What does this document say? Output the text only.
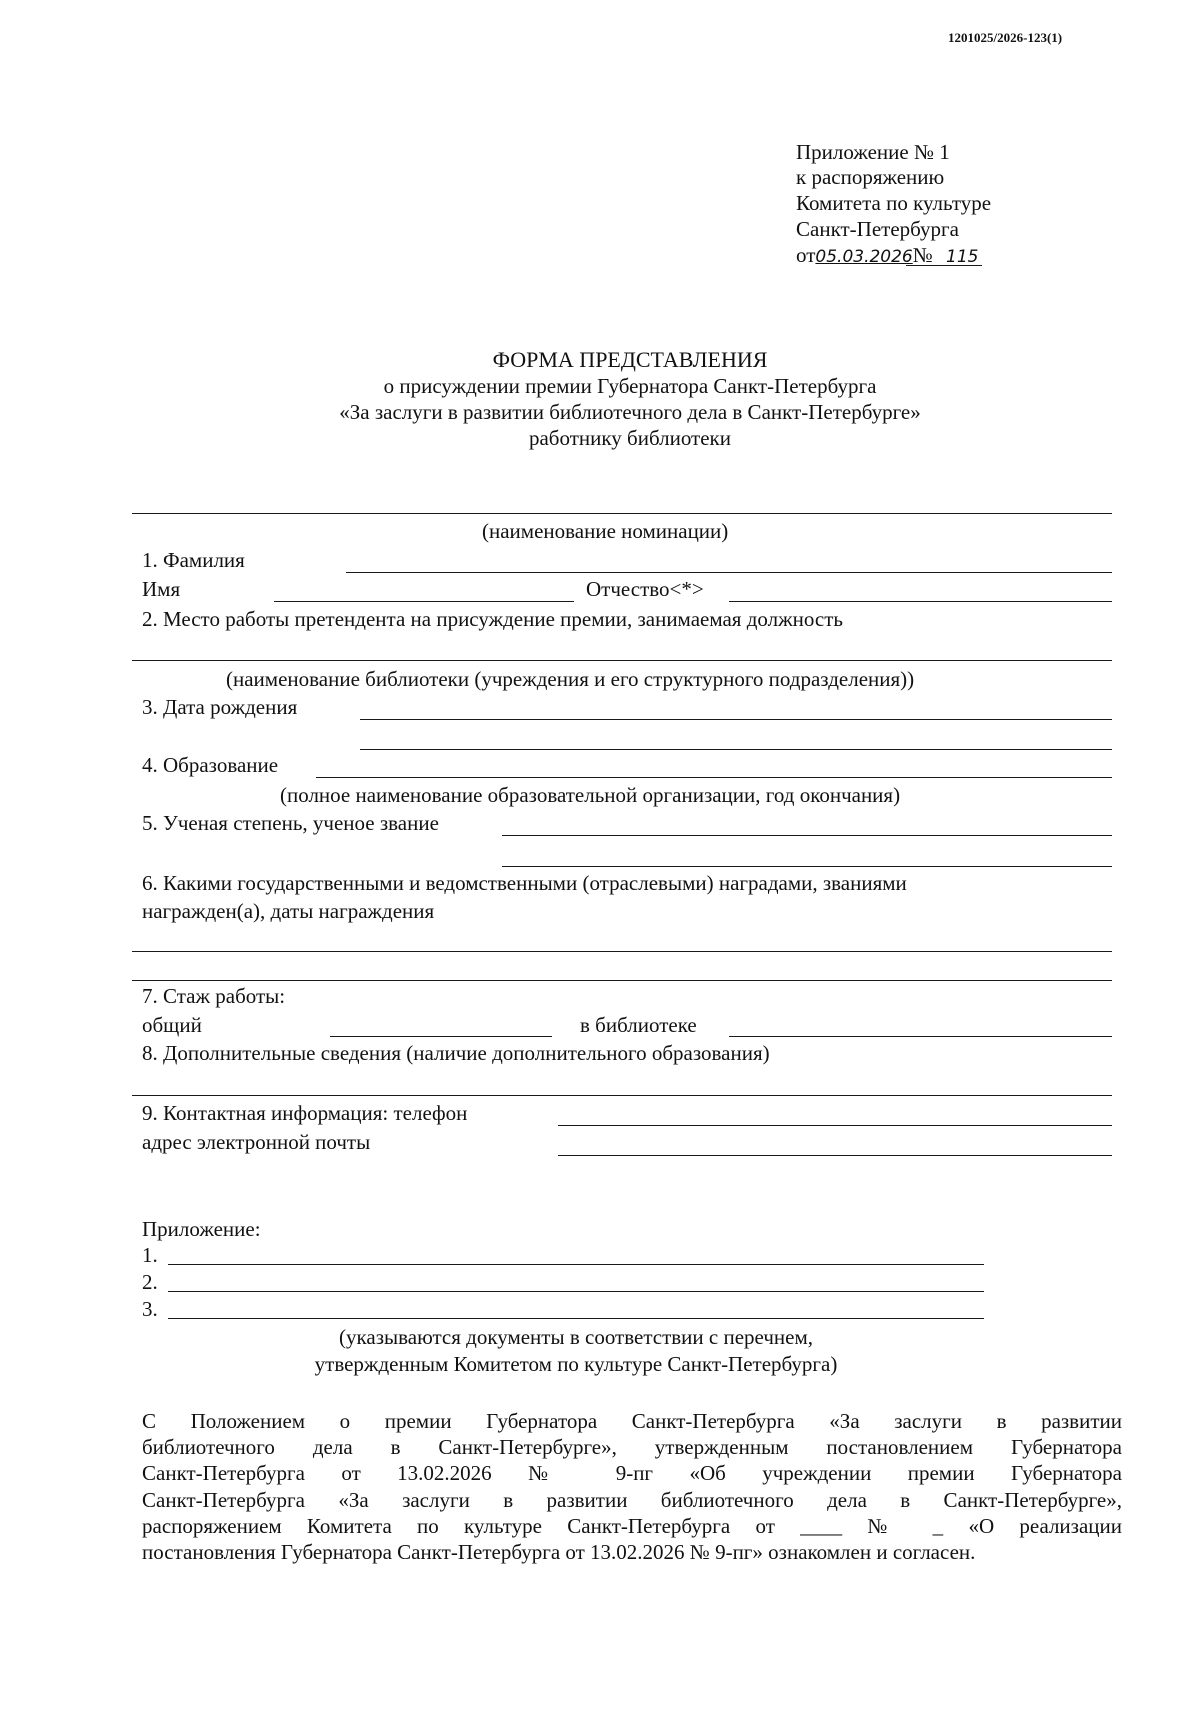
1201025/2026-123(1)
Приложение № 1
к распоряжению
Комитета по культуре
Санкт-Петербурга
от05.03.2026№ 115
ФОРМА ПРЕДСТАВЛЕНИЯ
о присуждении премии Губернатора Санкт-Петербурга
«За заслуги в развитии библиотечного дела в Санкт-Петербурге»
работнику библиотеки
(наименование номинации)
1. Фамилия
Имя	Отчество<*>
2. Место работы претендента на присуждение премии, занимаемая должность
(наименование библиотеки (учреждения и его структурного подразделения))
3. Дата рождения
4. Образование
(полное наименование образовательной организации, год окончания)
5. Ученая степень, ученое звание
6. Какими государственными и ведомственными (отраслевыми) наградами, званиями
награжден(а), даты награждения
7. Стаж работы:
общий	в библиотеке
8. Дополнительные сведения (наличие дополнительного образования)
9. Контактная информация: телефон
адрес электронной почты
Приложение:
1.
2.
3.
(указываются документы в соответствии с перечнем,
утвержденным Комитетом по культуре Санкт-Петербурга)
С Положением о премии Губернатора Санкт-Петербурга «За заслуги в развитии
библиотечного дела в Санкт-Петербурге», утвержденным постановлением Губернатора
Санкт-Петербурга от 13.02.2026 № 9-пг «Об учреждении премии Губернатора
Санкт-Петербурга «За заслуги в развитии библиотечного дела в Санкт-Петербурге»,
распоряжением Комитета по культуре Санкт-Петербурга от ____ № _ «О реализации
постановления Губернатора Санкт-Петербурга от 13.02.2026 № 9-пг» ознакомлен и согласен.
